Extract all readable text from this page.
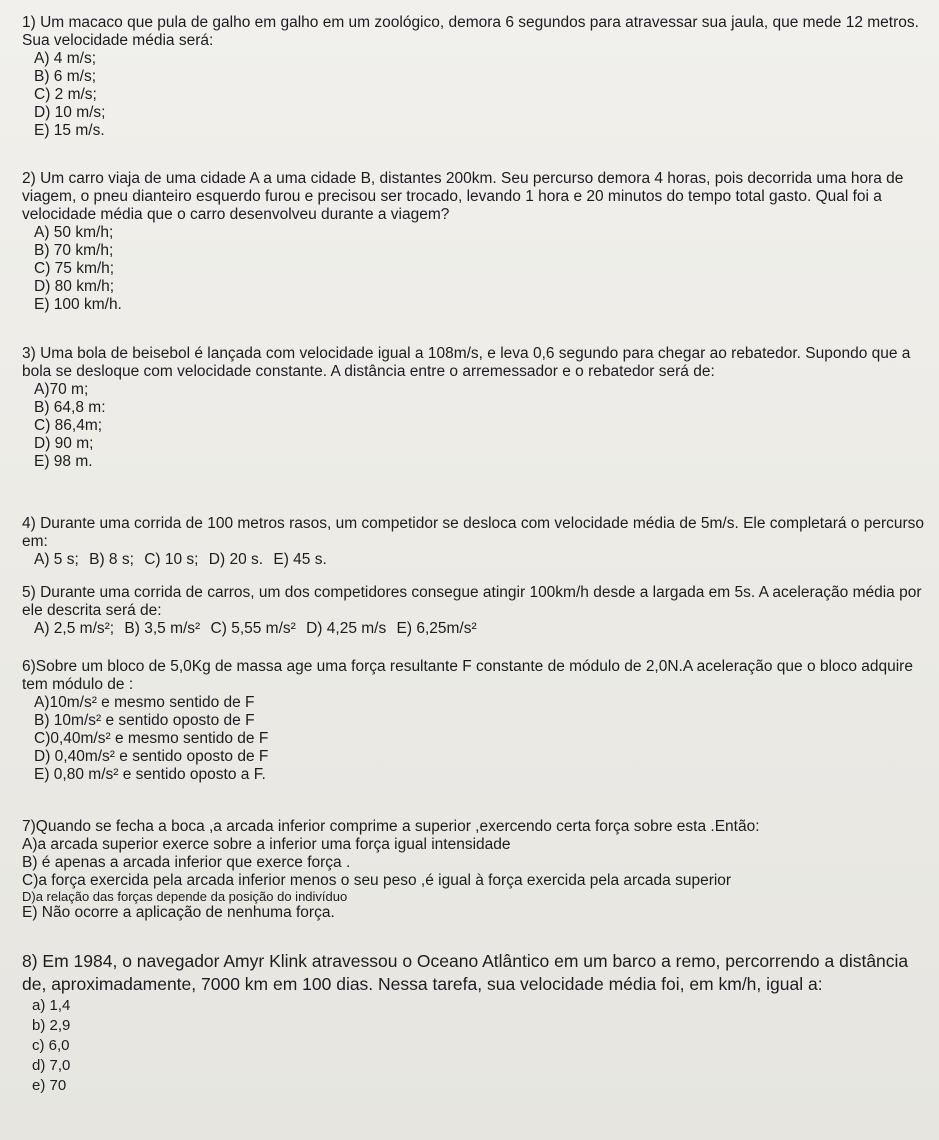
1) Um macaco que pula de galho em galho em um zoológico, demora 6 segundos para atravessar sua jaula, que mede 12 metros. Sua velocidade média será:

A) 4 m/s;

B) 6 m/s;

C) 2 m/s;

D) 10 m/s;

E) 15 m/s.

2) Um carro viaja de uma cidade A a uma cidade B, distantes 200km. Seu percurso demora 4 horas, pois decorrida uma hora de viagem, o pneu dianteiro esquerdo furou e precisou ser trocado, levando 1 hora e 20 minutos do tempo total gasto. Qual foi a velocidade média que o carro desenvolveu durante a viagem?

A) 50 km/h;

B) 70 km/h;

C) 75 km/h;

D) 80 km/h;

E) 100 km/h.

3) Uma bola de beisebol é lançada com velocidade igual a 108m/s, e leva 0,6 segundo para chegar ao rebatedor. Supondo que a bola se desloque com velocidade constante. A distância entre o arremessador e o rebatedor será de:

A)70 m;

B) 64,8 m:

C) 86,4m;

D) 90 m;

E) 98 m.

4) Durante uma corrida de 100 metros rasos, um competidor se desloca com velocidade média de 5m/s. Ele completará o percurso em:

A) 5 s; B) 8 s; C) 10 s; D) 20 s. E) 45 s.

5) Durante uma corrida de carros, um dos competidores consegue atingir 100km/h desde a largada em 5s. A aceleração média por ele descrita será de:

A) 2,5 m/s²; B) 3,5 m/s² C) 5,55 m/s² D) 4,25 m/s E) 6,25m/s²

6)Sobre um bloco de 5,0Kg de massa age uma força resultante F constante de módulo de 2,0N.A aceleração que o bloco adquire tem módulo de :

A)10m/s² e mesmo sentido de F

B) 10m/s² e sentido oposto de F

C)0,40m/s² e mesmo sentido de F

D) 0,40m/s² e sentido oposto de F

E) 0,80 m/s² e sentido oposto a F.

7)Quando se fecha a boca ,a arcada inferior comprime a superior ,exercendo certa força sobre esta .Então:

A)a arcada superior exerce sobre a inferior uma força igual intensidade

B) é apenas a arcada inferior que exerce força .

C)a força exercida pela arcada inferior menos o seu peso ,é igual à força exercida pela arcada superior

D)a relação das forças depende da posição do indivíduo

E) Não ocorre a aplicação de nenhuma força.

8) Em 1984, o navegador Amyr Klink atravessou o Oceano Atlântico em um barco a remo, percorrendo a distância de, aproximadamente, 7000 km em 100 dias. Nessa tarefa, sua velocidade média foi, em km/h, igual a:

a) 1,4

b) 2,9

c) 6,0

d) 7,0

e) 70
